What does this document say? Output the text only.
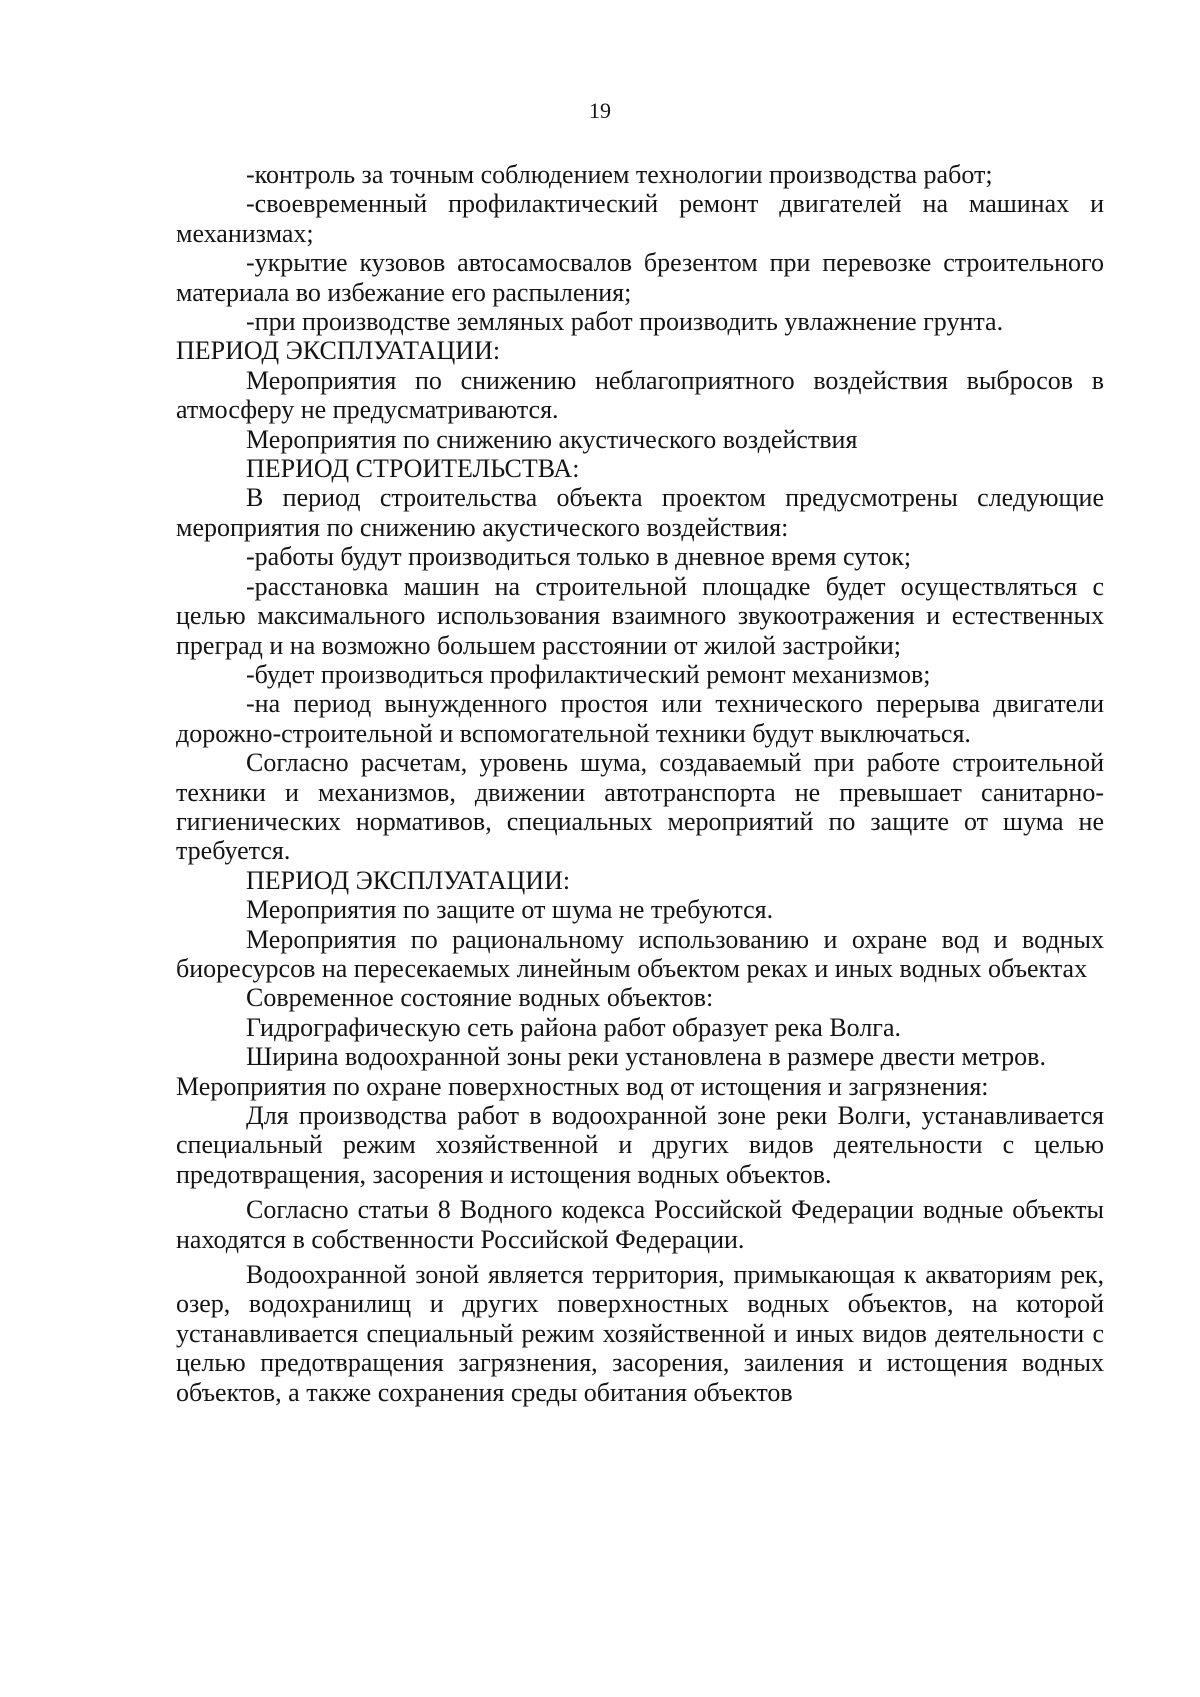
19

-контроль за точным соблюдением технологии производства работ;

-своевременный профилактический ремонт двигателей на машинах и механизмах;

-укрытие кузовов автосамосвалов брезентом при перевозке строительного материала во избежание его распыления;

-при производстве земляных работ производить увлажнение грунта.

ПЕРИОД ЭКСПЛУАТАЦИИ:

Мероприятия по снижению неблагоприятного воздействия выбросов в атмосферу не предусматриваются.

Мероприятия по снижению акустического воздействия

ПЕРИОД СТРОИТЕЛЬСТВА:

В период строительства объекта проектом предусмотрены следующие мероприятия по снижению акустического воздействия:

-работы будут производиться только в дневное время суток;

-расстановка машин на строительной площадке будет осуществляться с целью максимального использования взаимного звукоотражения и естественных преград и на возможно большем расстоянии от жилой застройки;

-будет производиться профилактический ремонт механизмов;

-на период вынужденного простоя или технического перерыва двигатели дорожно-строительной и вспомогательной техники будут выключаться.

Согласно расчетам, уровень шума, создаваемый при работе строительной техники и механизмов, движении автотранспорта не превышает санитарно-гигиенических нормативов, специальных мероприятий по защите от шума не требуется.

ПЕРИОД ЭКСПЛУАТАЦИИ:

Мероприятия по защите от шума не требуются.

Мероприятия по рациональному использованию и охране вод и водных биоресурсов на пересекаемых линейным объектом реках и иных водных объектах

Современное состояние водных объектов:

Гидрографическую сеть района работ образует река Волга.

Ширина водоохранной зоны реки установлена в размере двести метров.

Мероприятия по охране поверхностных вод от истощения и загрязнения:

Для производства работ в водоохранной зоне реки Волги, устанавливается специальный режим хозяйственной и других видов деятельности с целью предотвращения, засорения и истощения водных объектов.

Согласно статьи 8 Водного кодекса Российской Федерации водные объекты находятся в собственности Российской Федерации.

Водоохранной зоной является территория, примыкающая к акваториям рек, озер, водохранилищ и других поверхностных водных объектов, на которой устанавливается специальный режим хозяйственной и иных видов деятельности с целью предотвращения загрязнения, засорения, заиления и истощения водных объектов, а также сохранения среды обитания объектов
